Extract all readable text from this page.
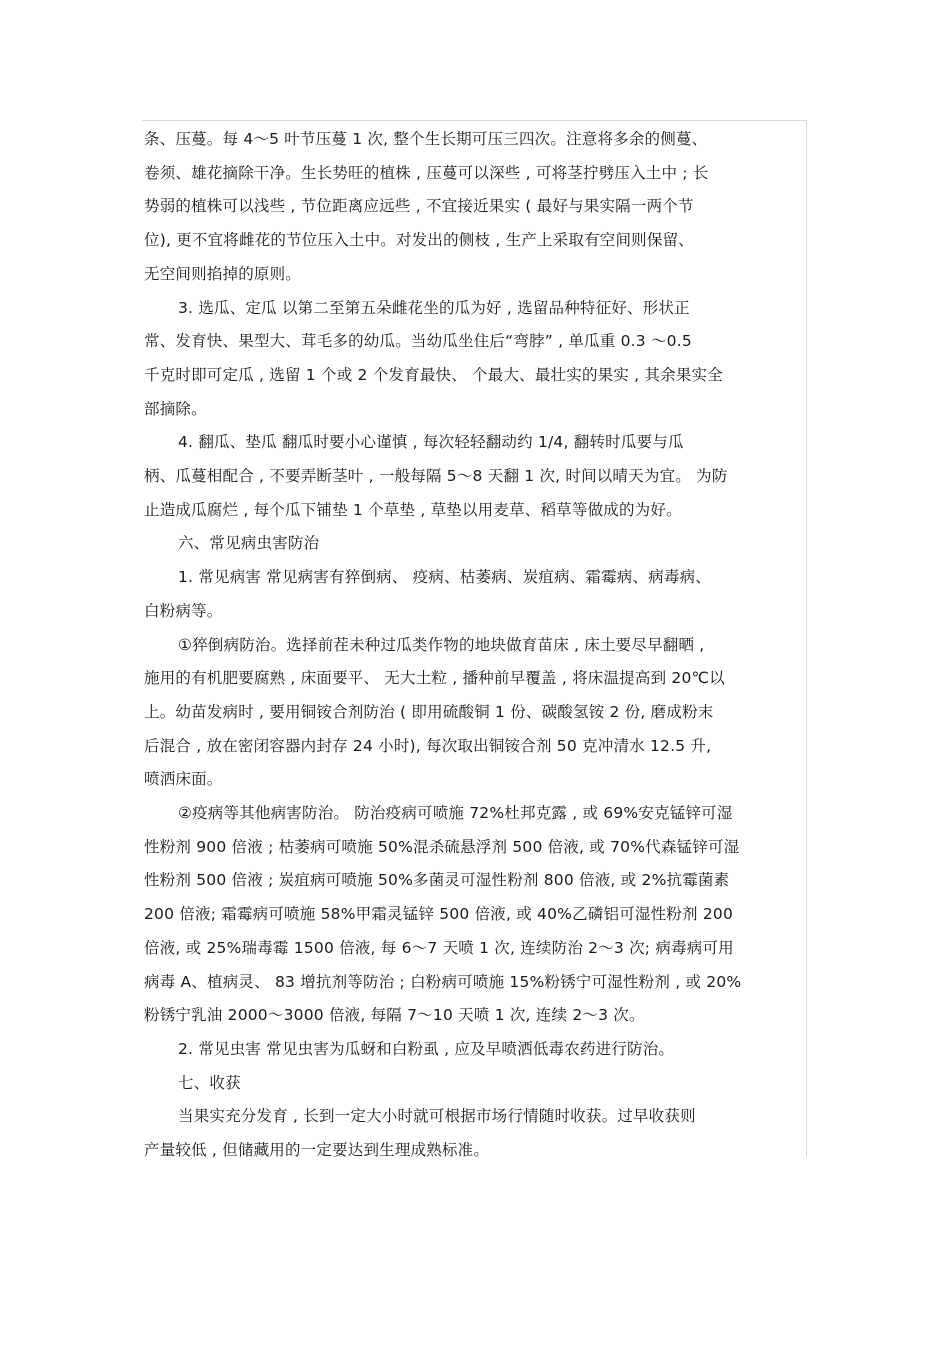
条、压蔓。每 4～5 叶节压蔓 1 次, 整个生长期可压三四次。注意将多余的侧蔓、
卷须、雄花摘除干净。生长势旺的植株 , 压蔓可以深些 , 可将茎拧劈压入土中 ; 长
势弱的植株可以浅些 , 节位距离应远些 , 不宜接近果实 ( 最好与果实隔一两个节
位), 更不宜将雌花的节位压入土中。对发出的侧枝 , 生产上采取有空间则保留、
无空间则掐掉的原则。

3. 选瓜、定瓜 以第二至第五朵雌花坐的瓜为好 , 选留品种特征好、形状正
常、发育快、果型大、茸毛多的幼瓜。当幼瓜坐住后“弯脖” , 单瓜重 0.3 ～0.5
千克时即可定瓜 , 选留 1 个或 2 个发育最快、 个最大、最壮实的果实 , 其余果实全
部摘除。

4. 翻瓜、垫瓜 翻瓜时要小心谨慎 , 每次轻轻翻动约 1/4, 翻转时瓜要与瓜
柄、瓜蔓相配合 , 不要弄断茎叶 , 一般每隔 5～8 天翻 1 次, 时间以晴天为宜。 为防
止造成瓜腐烂 , 每个瓜下铺垫 1 个草垫 , 草垫以用麦草、稻草等做成的为好。

六、常见病虫害防治

1. 常见病害 常见病害有猝倒病、 疫病、枯萎病、炭疽病、霜霉病、病毒病、
白粉病等。

①猝倒病防治。选择前茬未种过瓜类作物的地块做育苗床 , 床土要尽早翻晒 ,
施用的有机肥要腐熟 , 床面要平、 无大土粒 , 播种前早覆盖 , 将床温提高到 20℃以
上。幼苗发病时 , 要用铜铵合剂防治 ( 即用硫酸铜 1 份、碳酸氢铵 2 份, 磨成粉末
后混合 , 放在密闭容器内封存 24 小时), 每次取出铜铵合剂 50 克冲清水 12.5 升,
喷洒床面。

②疫病等其他病害防治。 防治疫病可喷施 72%杜邦克露 , 或 69%安克锰锌可湿
性粉剂 900 倍液 ; 枯萎病可喷施 50%混杀硫悬浮剂 500 倍液, 或 70%代森锰锌可湿
性粉剂 500 倍液 ; 炭疽病可喷施 50%多菌灵可湿性粉剂 800 倍液, 或 2%抗霉菌素
200 倍液; 霜霉病可喷施 58%甲霜灵锰锌 500 倍液, 或 40%乙磷铝可湿性粉剂 200
倍液, 或 25%瑞毒霉 1500 倍液, 每 6～7 天喷 1 次, 连续防治 2～3 次; 病毒病可用
病毒 A、植病灵、 83 增抗剂等防治 ; 白粉病可喷施 15%粉锈宁可湿性粉剂 , 或 20%
粉锈宁乳油 2000～3000 倍液, 每隔 7～10 天喷 1 次, 连续 2～3 次。

2. 常见虫害 常见虫害为瓜蚜和白粉虱 , 应及早喷洒低毒农药进行防治。

七、收获

当果实充分发育 , 长到一定大小时就可根据市场行情随时收获。过早收获则
产量较低 , 但储藏用的一定要达到生理成熟标准。
